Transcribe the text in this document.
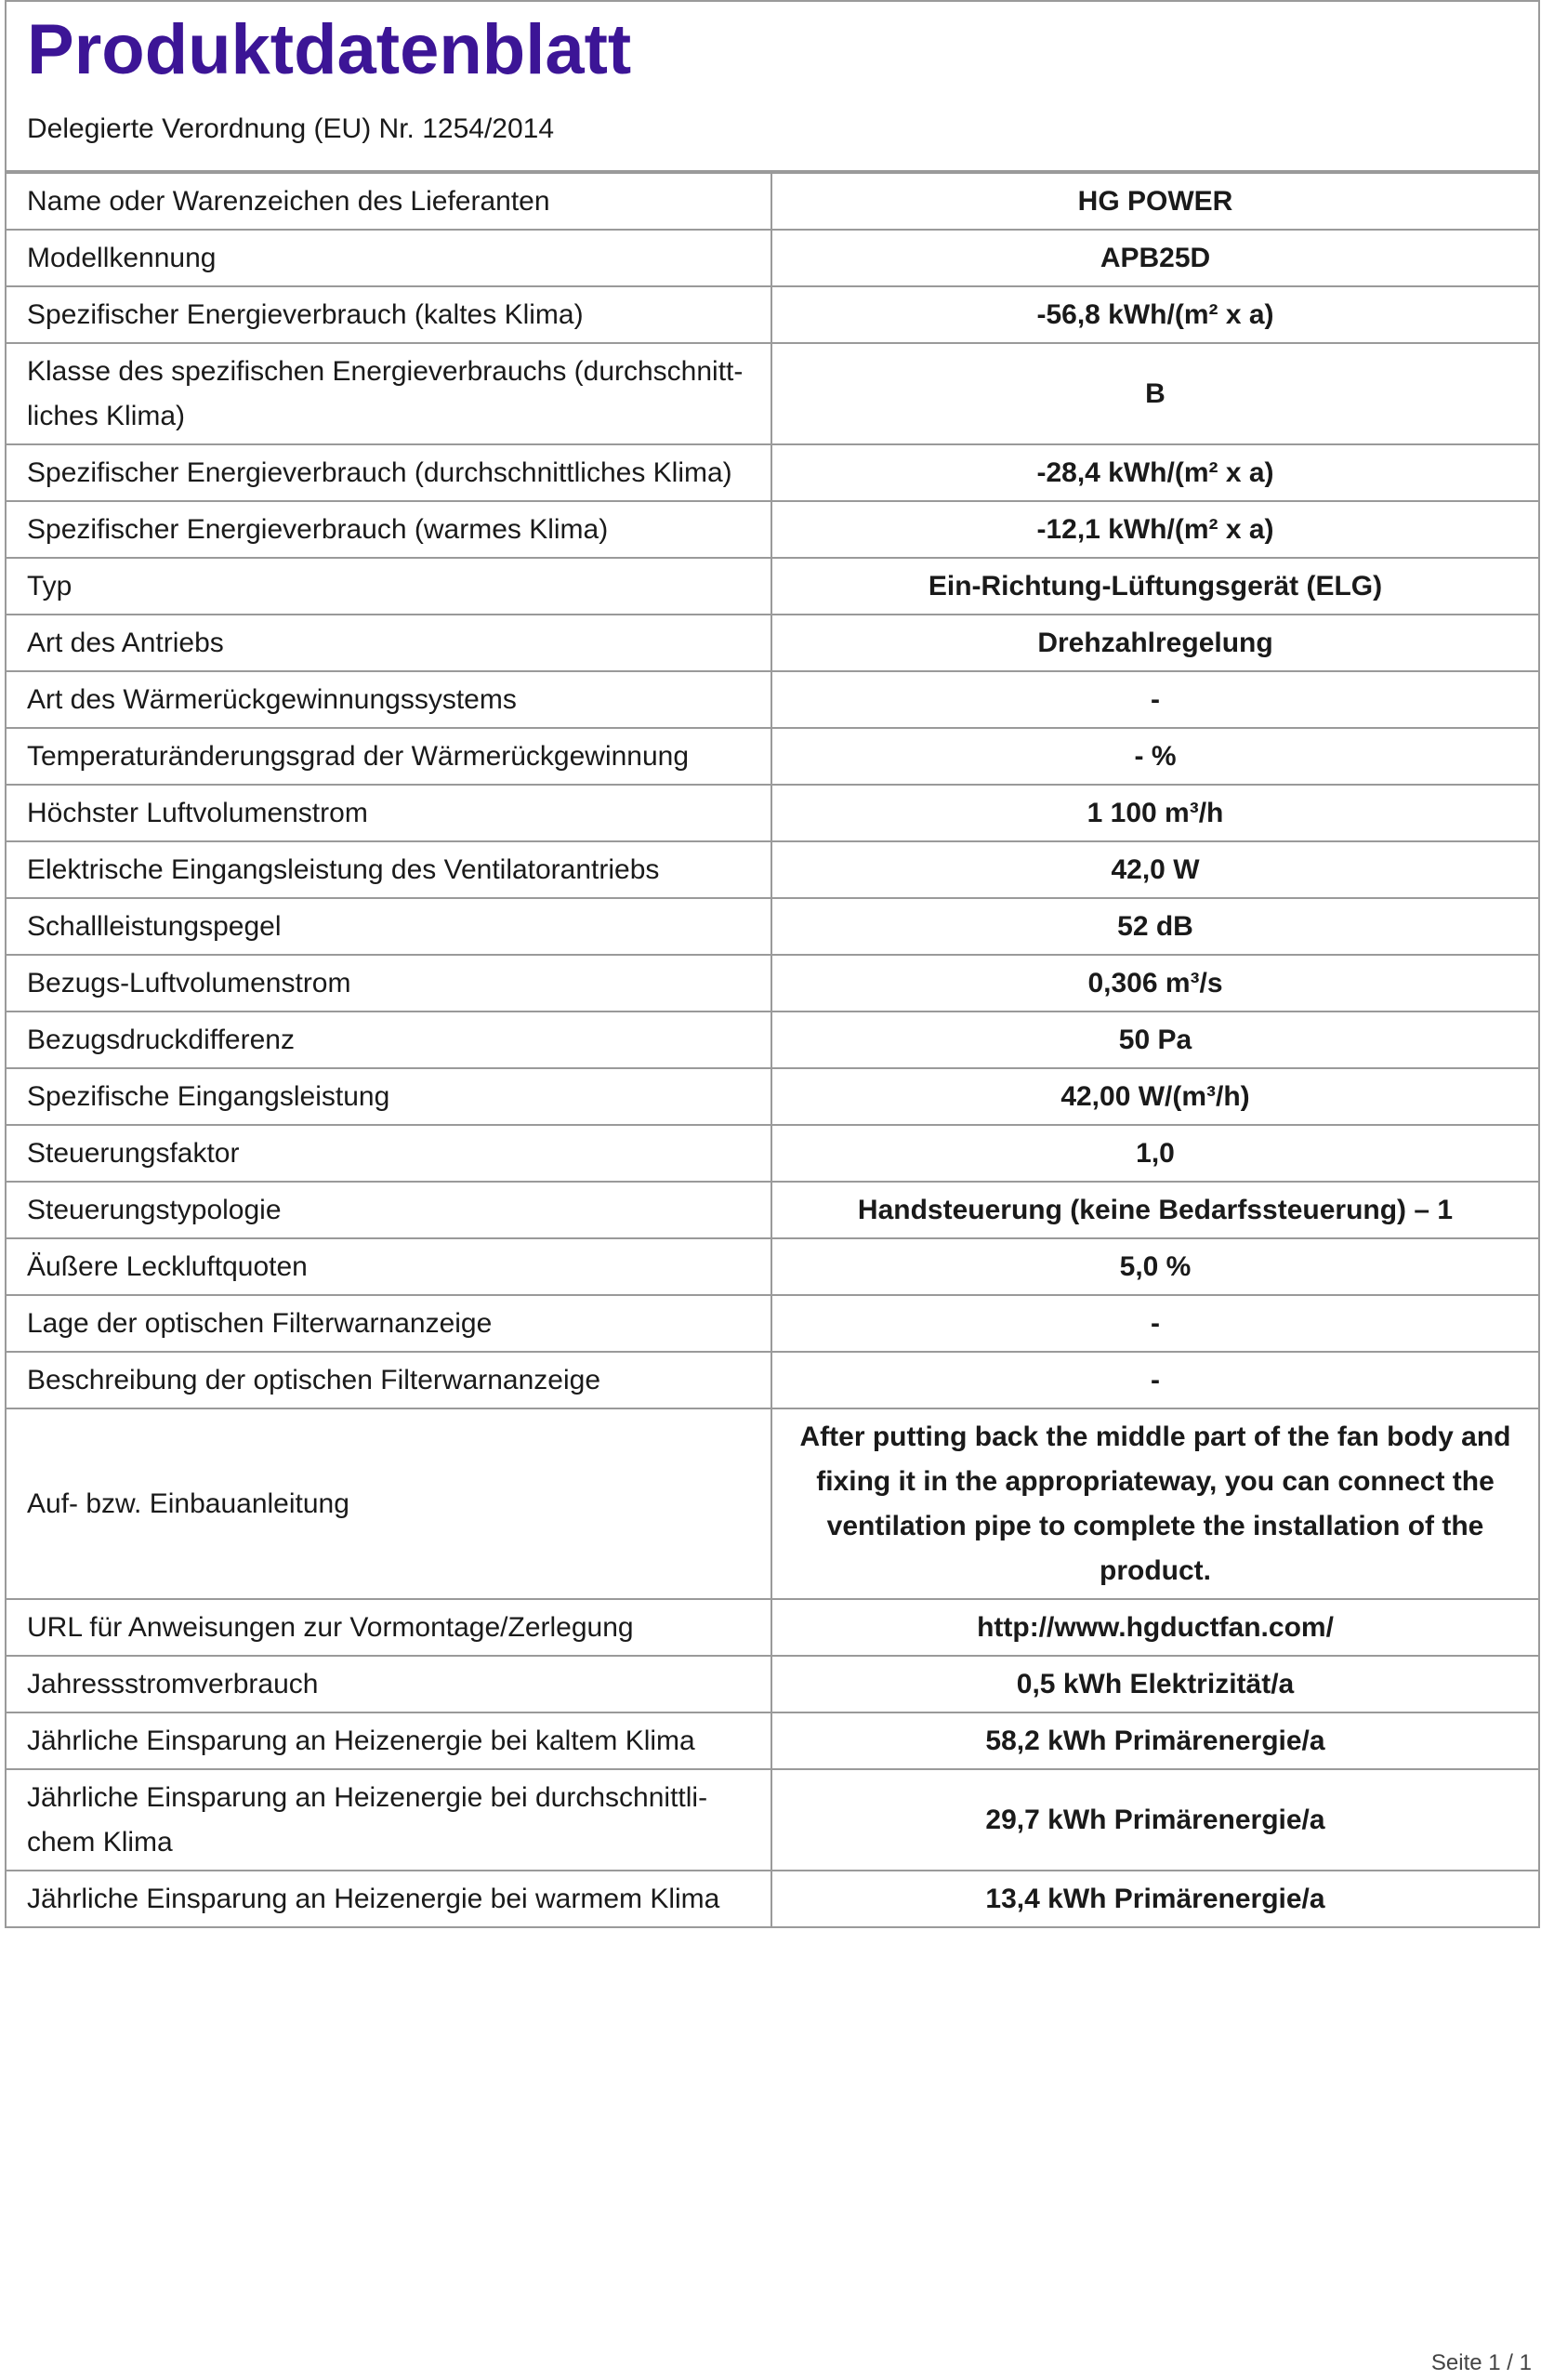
Produktdatenblatt
Delegierte Verordnung (EU) Nr. 1254/2014
Name oder Warenzeichen des Lieferanten	HG POWER
Modellkennung	APB25D
Spezifischer Energieverbrauch (kaltes Klima)	-56,8 kWh/(m² x a)
Klasse des spezifischen Energieverbrauchs (durchschnitt-liches Klima)	B
Spezifischer Energieverbrauch (durchschnittliches Klima)	-28,4 kWh/(m² x a)
Spezifischer Energieverbrauch (warmes Klima)	-12,1 kWh/(m² x a)
Typ	Ein-Richtung-Lüftungsgerät (ELG)
Art des Antriebs	Drehzahlregelung
Art des Wärmerückgewinnungssystems	-
Temperaturänderungsgrad der Wärmerückgewinnung	- %
Höchster Luftvolumenstrom	1 100 m³/h
Elektrische Eingangsleistung des Ventilatorantriebs	42,0 W
Schallleistungspegel	52 dB
Bezugs-Luftvolumenstrom	0,306 m³/s
Bezugsdruckdifferenz	50 Pa
Spezifische Eingangsleistung	42,00 W/(m³/h)
Steuerungsfaktor	1,0
Steuerungstypologie	Handsteuerung (keine Bedarfssteuerung) – 1
Äußere Leckluftquoten	5,0 %
Lage der optischen Filterwarnanzeige	-
Beschreibung der optischen Filterwarnanzeige	-
Auf- bzw. Einbauanleitung	After putting back the middle part of the fan body and fixing it in the appropriateway, you can connect the ventilation pipe to complete the installation of the product.
URL für Anweisungen zur Vormontage/Zerlegung	http://www.hgductfan.com/
Jahressstromverbrauch	0,5 kWh Elektrizität/a
Jährliche Einsparung an Heizenergie bei kaltem Klima	58,2 kWh Primärenergie/a
Jährliche Einsparung an Heizenergie bei durchschnittli-chem Klima	29,7 kWh Primärenergie/a
Jährliche Einsparung an Heizenergie bei warmem Klima	13,4 kWh Primärenergie/a
Seite 1 / 1
